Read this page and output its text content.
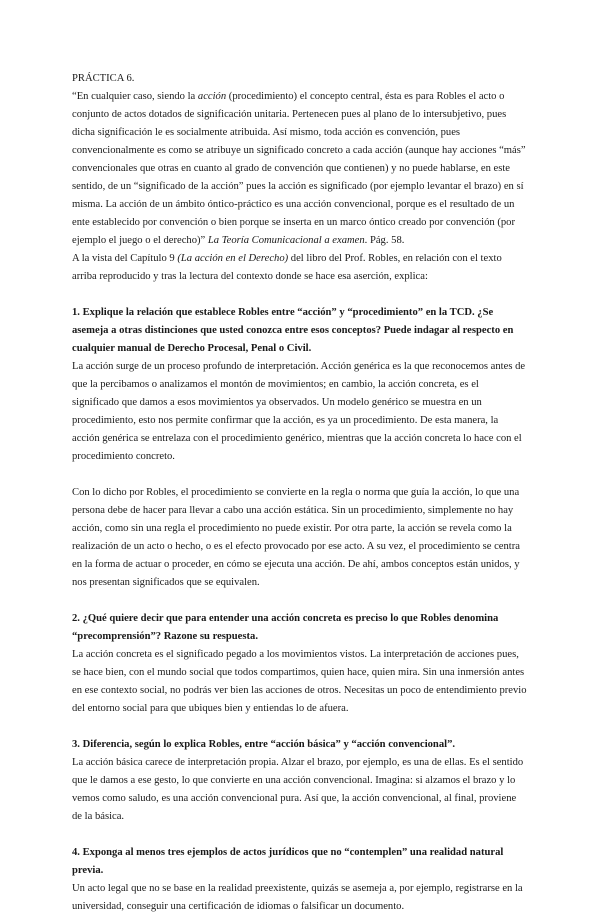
PRÁCTICA 6.

“En cualquier caso, siendo la acción (procedimiento) el concepto central, ésta es para Robles el acto o conjunto de actos dotados de significación unitaria. Pertenecen pues al plano de lo intersubjetivo, pues dicha significación le es socialmente atribuida. Así mismo, toda acción es convención, pues convencionalmente es como se atribuye un significado concreto a cada acción (aunque hay acciones “más” convencionales que otras en cuanto al grado de convención que contienen) y no puede hablarse, en este sentido, de un “significado de la acción” pues la acción es significado (por ejemplo levantar el brazo) en sí misma. La acción de un ámbito óntico-práctico es una acción convencional, porque es el resultado de un ente establecido por convención o bien porque se inserta en un marco óntico creado por convención (por ejemplo el juego o el derecho)” La Teoría Comunicacional a examen. Pág. 58.

A la vista del Capítulo 9 (La acción en el Derecho) del libro del Prof. Robles, en relación con el texto arriba reproducido y tras la lectura del contexto donde se hace esa aserción, explica:

1. Explique la relación que establece Robles entre “acción” y “procedimiento” en la TCD. ¿Se asemeja a otras distinciones que usted conozca entre esos conceptos? Puede indagar al respecto en cualquier manual de Derecho Procesal, Penal o Civil.

La acción surge de un proceso profundo de interpretación. Acción genérica es la que reconocemos antes de que la percibamos o analizamos el montón de movimientos; en cambio, la acción concreta, es el significado que damos a esos movimientos ya observados. Un modelo genérico se muestra en un procedimiento, esto nos permite confirmar que la acción, es ya un procedimiento. De esta manera, la acción genérica se entrelaza con el procedimiento genérico, mientras que la acción concreta lo hace con el procedimiento concreto.

Con lo dicho por Robles, el procedimiento se convierte en la regla o norma que guía la acción, lo que una persona debe de hacer para llevar a cabo una acción estática. Sin un procedimiento, simplemente no hay acción, como sin una regla el procedimiento no puede existir. Por otra parte, la acción se revela como la realización de un acto o hecho, o es el efecto provocado por ese acto. A su vez, el procedimiento se centra en la forma de actuar o proceder, en cómo se ejecuta una acción. De ahí, ambos conceptos están unidos, y nos presentan significados que se equivalen.

2. ¿Qué quiere decir que para entender una acción concreta es preciso lo que Robles denomina “precomprensión”? Razone su respuesta.

La acción concreta es el significado pegado a los movimientos vistos. La interpretación de acciones pues, se hace bien, con el mundo social que todos compartimos, quien hace, quien mira. Sin una inmersión antes en ese contexto social, no podrás ver bien las acciones de otros. Necesitas un poco de entendimiento previo del entorno social para que ubiques bien y entiendas lo de afuera.

3. Diferencia, según lo explica Robles, entre “acción básica” y “acción convencional”.

La acción básica carece de interpretación propia. Alzar el brazo, por ejemplo, es una de ellas. Es el sentido que le damos a ese gesto, lo que convierte en una acción convencional. Imagina: si alzamos el brazo y lo vemos como saludo, es una acción convencional pura. Así que, la acción convencional, al final, proviene de la básica.

4. Exponga al menos tres ejemplos de actos jurídicos que no “contemplen” una realidad natural previa.

Un acto legal que no se base en la realidad preexistente, quizás se asemeja a, por ejemplo, registrarse en la universidad, conseguir una certificación de idiomas o falsificar un documento.
